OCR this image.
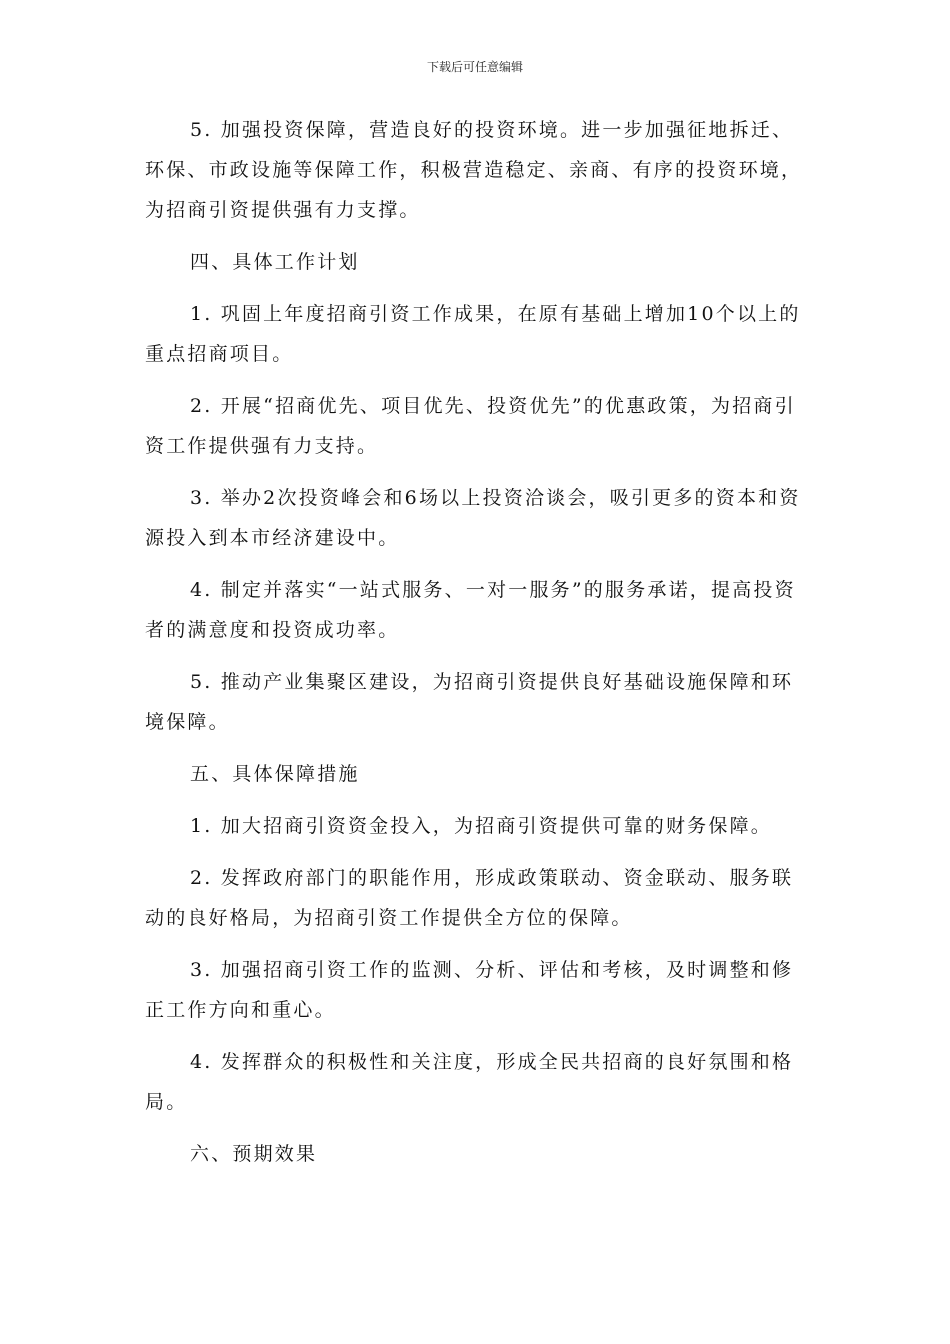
下载后可任意编辑

5. 加强投资保障，营造良好的投资环境。进一步加强征地拆迁、环保、市政设施等保障工作，积极营造稳定、亲商、有序的投资环境，为招商引资提供强有力支撑。

四、具体工作计划

1. 巩固上年度招商引资工作成果，在原有基础上增加10个以上的重点招商项目。

2. 开展“招商优先、项目优先、投资优先”的优惠政策，为招商引资工作提供强有力支持。

3. 举办2次投资峰会和6场以上投资洽谈会，吸引更多的资本和资源投入到本市经济建设中。

4. 制定并落实“一站式服务、一对一服务”的服务承诺，提高投资者的满意度和投资成功率。

5. 推动产业集聚区建设，为招商引资提供良好基础设施保障和环境保障。

五、具体保障措施

1. 加大招商引资资金投入，为招商引资提供可靠的财务保障。

2. 发挥政府部门的职能作用，形成政策联动、资金联动、服务联动的良好格局，为招商引资工作提供全方位的保障。

3. 加强招商引资工作的监测、分析、评估和考核，及时调整和修正工作方向和重心。

4. 发挥群众的积极性和关注度，形成全民共招商的良好氛围和格局。

六、预期效果
